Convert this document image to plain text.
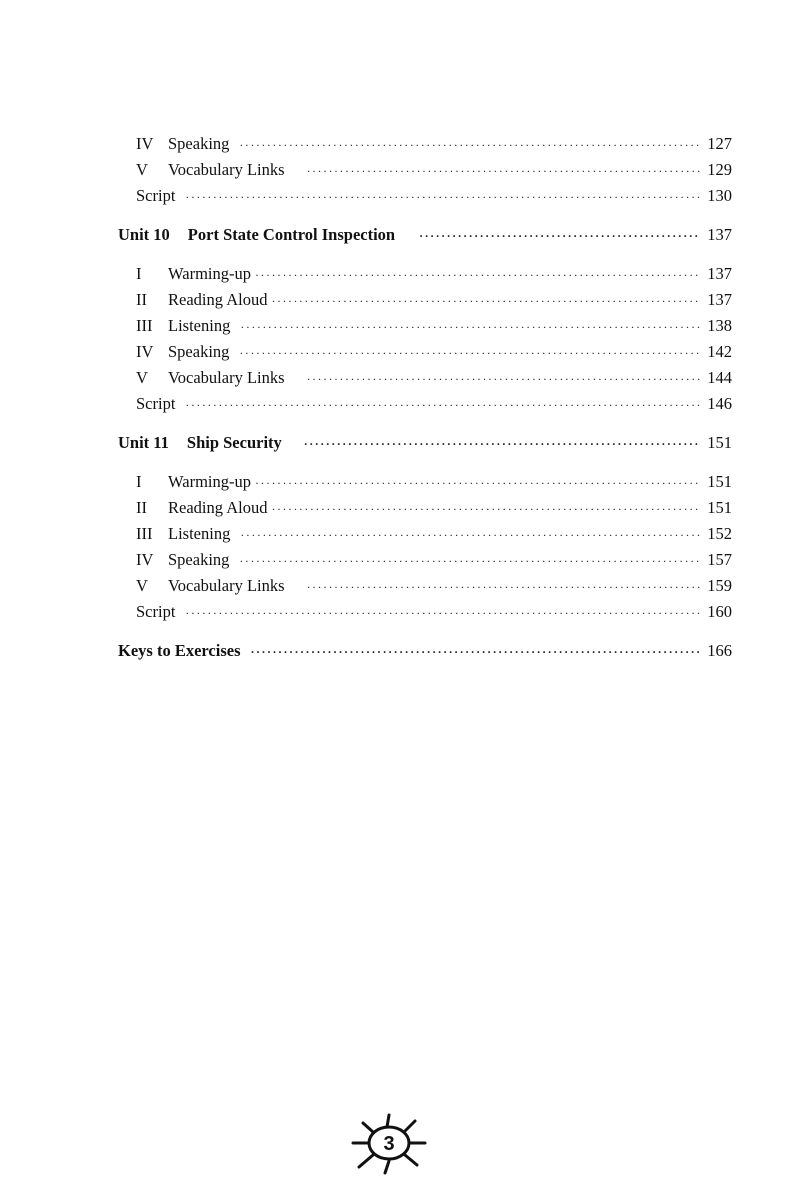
IV Speaking ·····	127
V	Vocabulary Links ·····	129
Script ·····	130
Unit 10 Port State Control Inspection ·····	137
I	Warming-up ·····	137
II	Reading Aloud ·····	137
III Listening ·····	138
IV Speaking ·····	142
V	Vocabulary Links ·····	144
Script ·····	146
Unit 11 Ship Security ·····	151
I	Warming-up ·····	151
II	Reading Aloud ·····	151
III Listening ·····	152
IV Speaking ·····	157
V	Vocabulary Links ·····	159
Script ·····	160
Keys to Exercises ·····	166
3
